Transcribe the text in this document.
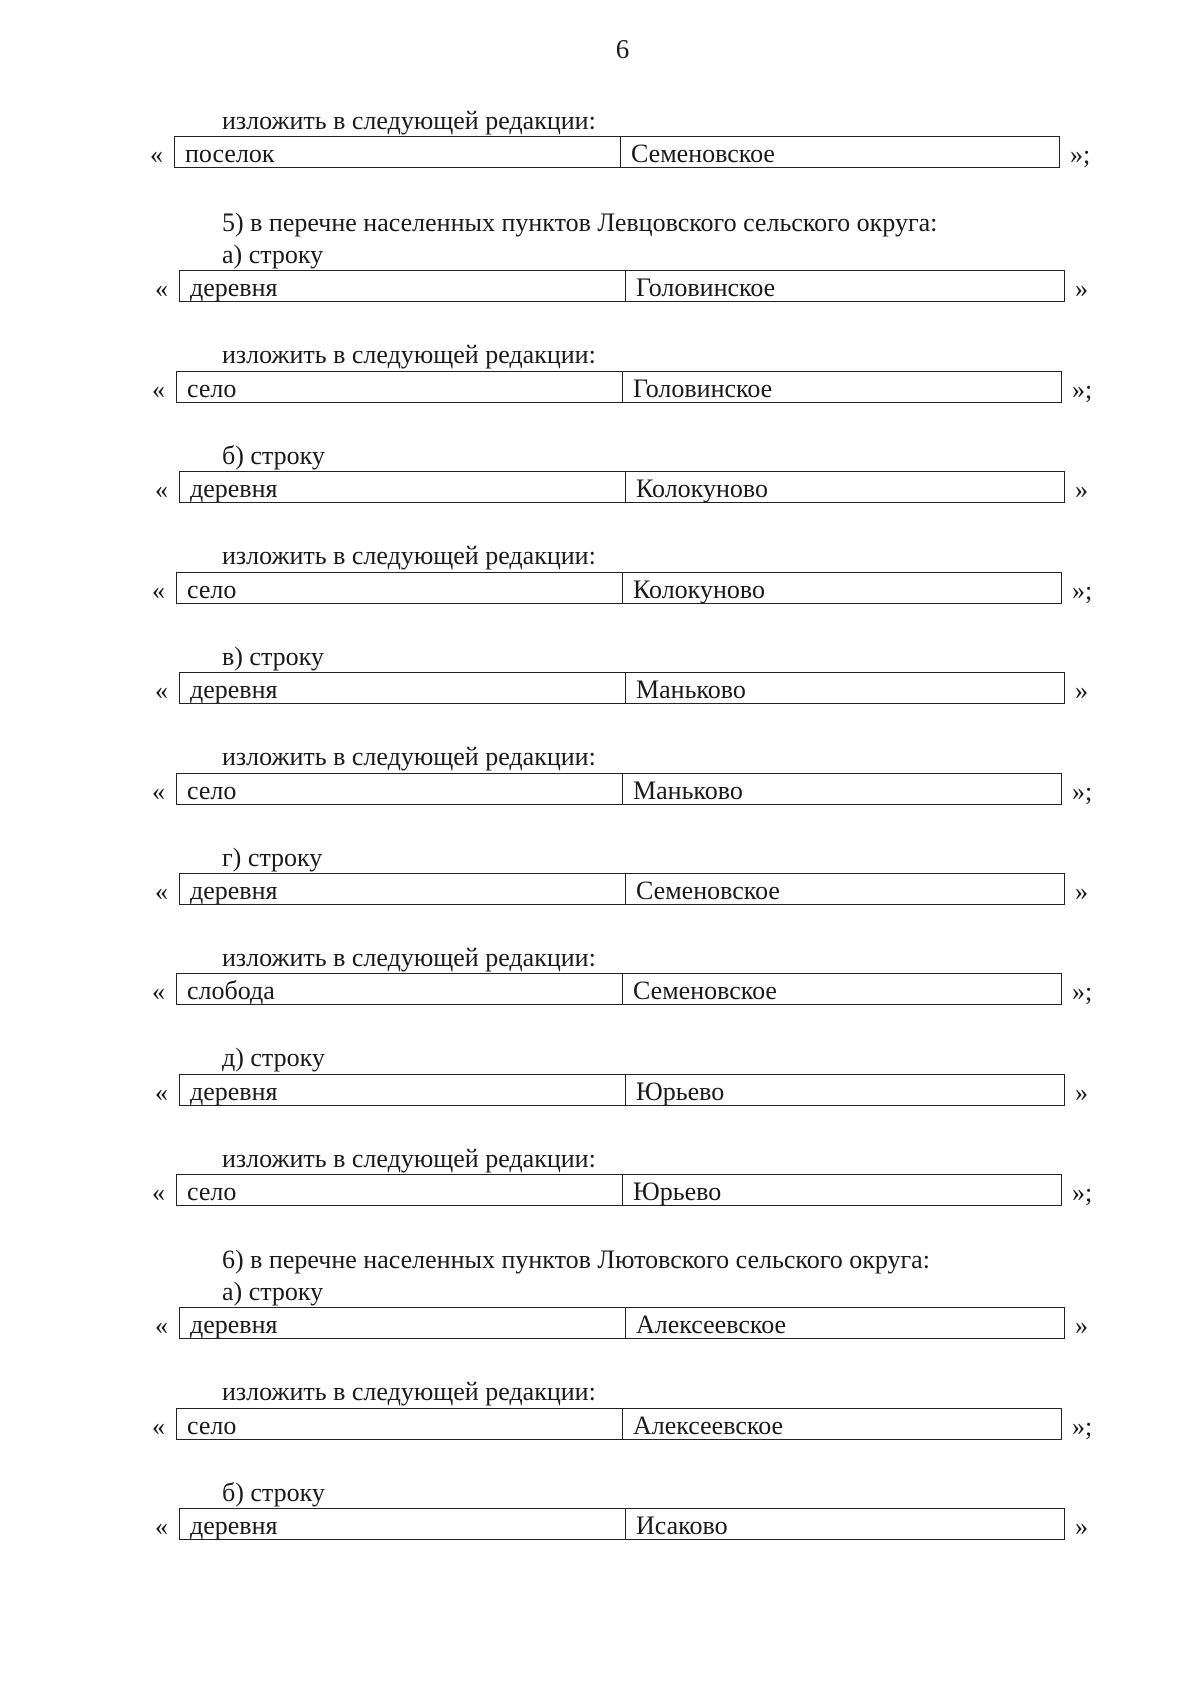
6
изложить в следующей редакции:
« поселок	Семеновское	»;
5) в перечне населенных пунктов Левцовского сельского округа:
а) строку
« деревня	Головинское	»
изложить в следующей редакции:
« село	Головинское	»;
б) строку
« деревня	Колокуново	»
изложить в следующей редакции:
« село	Колокуново	»;
в) строку
« деревня	Маньково	»
изложить в следующей редакции:
« село	Маньково	»;
г) строку
« деревня	Семеновское	»
изложить в следующей редакции:
« слобода	Семеновское	»;
д) строку
« деревня	Юрьево	»
изложить в следующей редакции:
« село	Юрьево	»;
6) в перечне населенных пунктов Лютовского сельского округа:
а) строку
« деревня	Алексеевское	»
изложить в следующей редакции:
« село	Алексеевское	»;
б) строку
« деревня	Исаково	»
